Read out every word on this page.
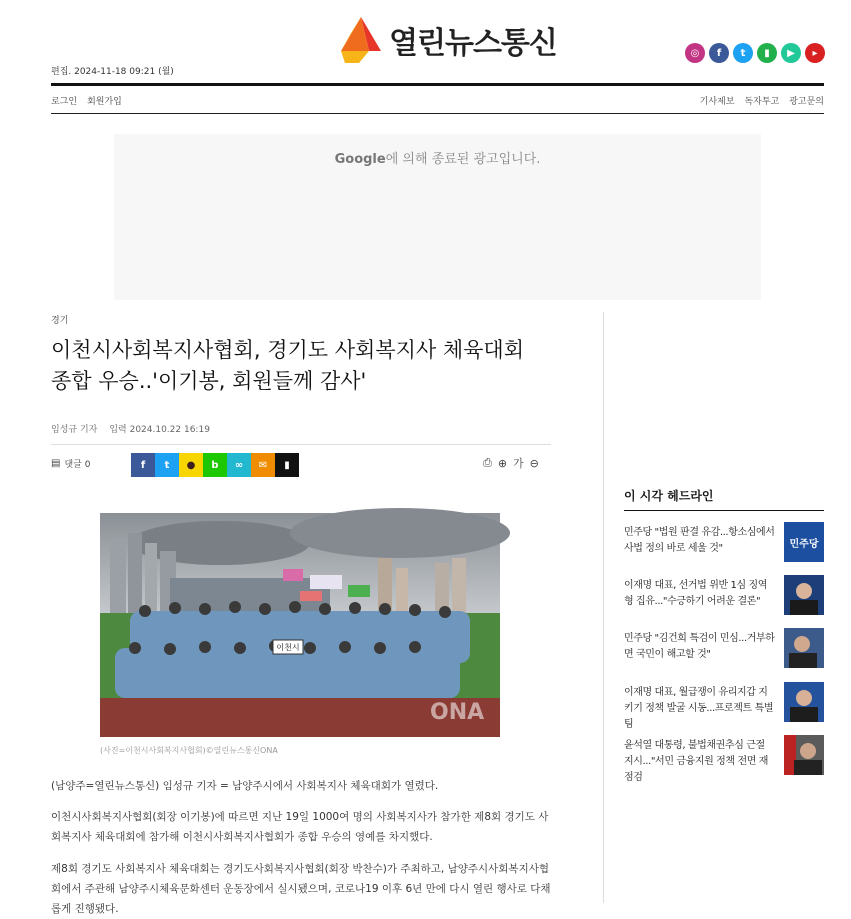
열린뉴스통신
편집. 2024-11-18 09:21 (월)
◎	f	t	▮	▶	▸
로그인 회원가입	기사제보 독자투고 광고문의
Google에 의해 종료된 광고입니다.
경기
이천시사회복지사협회, 경기도 사회복지사 체육대회
종합 우승..'이기봉, 회원들께 감사'
임성규 기자 입력 2024.10.22 16:19
▤ 댓글 0	f	t	●	b	∞	✉	▮	⎙ ⊕ 가 ⊖
이천시
ONA
(사진=이천시사회복지사협회)©열린뉴스통신ONA

(남양주=열린뉴스통신) 임성규 기자 = 남양주시에서 사회복지사 체육대회가 열렸다.

이천시사회복지사협회(회장 이기봉)에 따르면 지난 19일 1000여 명의 사회복지사가 참가한 제8회 경기도 사회복지사 체육대회에 참가해 이천시사회복지사협회가 종합 우승의 영예를 차지했다.

제8회 경기도 사회복지사 체육대회는 경기도사회복지사협회(회장 박찬수)가 주최하고, 남양주시사회복지사협회에서 주관해 남양주시체육문화센터 운동장에서 실시됐으며, 코로나19 이후 6년 만에 다시 열린 행사로 다채롭게 진행됐다.

이 시각 헤드라인
민주당 "법원 판결 유감...항소심에서 사법 정의 바로 세울 것"	민주당
이재명 대표, 선거법 위반 1심 징역형 집유..."수긍하기 어려운 결론"
민주당 "김건희 특검이 민심...거부하면 국민이 해고할 것"
이재명 대표, 월급쟁이 유리지갑 지키기 정책 발굴 시동...프로젝트 특별팀
윤석열 대통령, 불법채권추심 근절 지시..."서민 금융지원 정책 전면 재점검
